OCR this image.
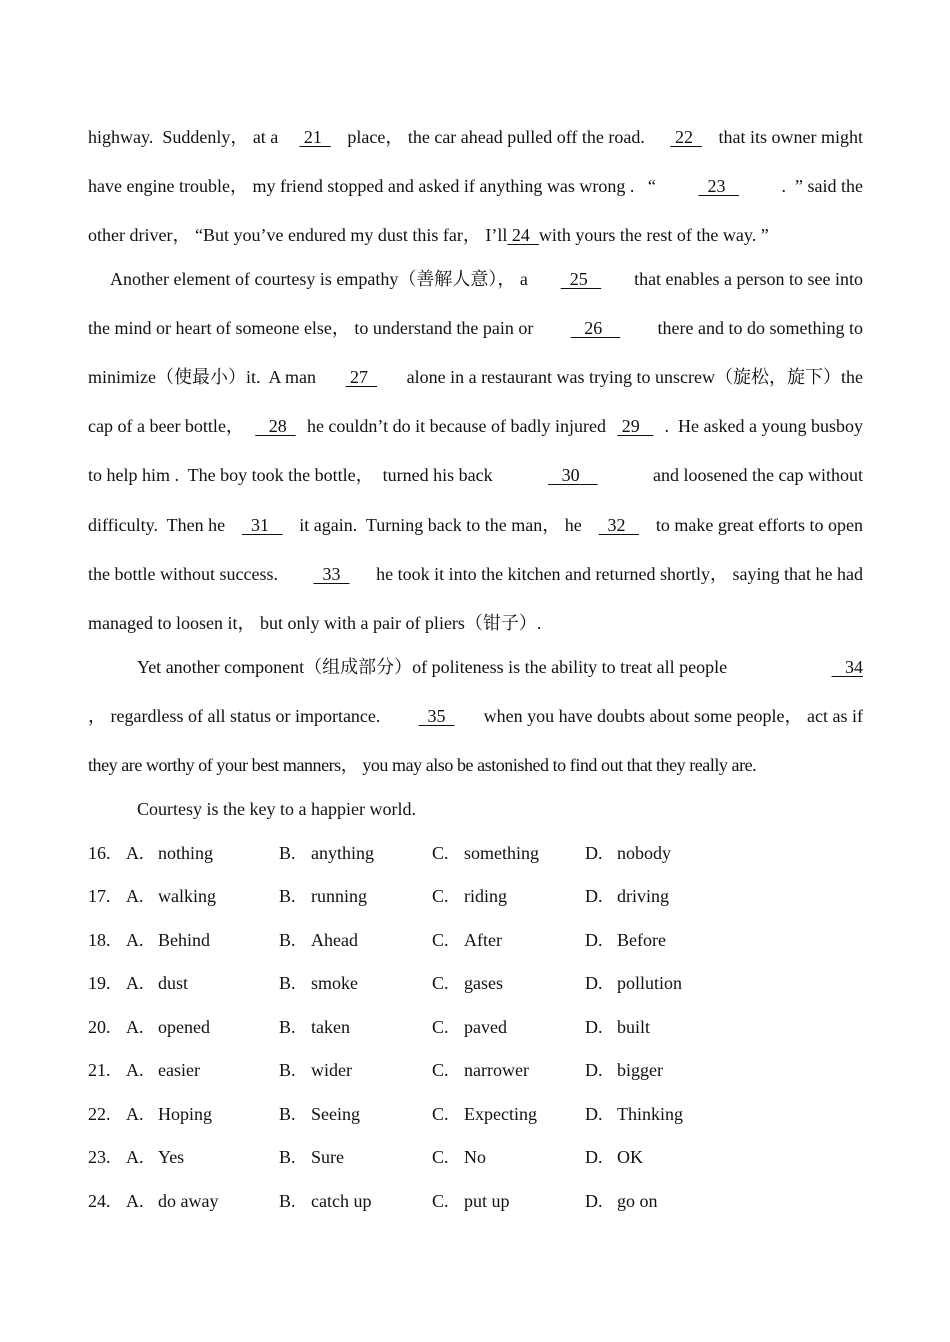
highway.  Suddenly， at a 21 place， the car ahead pulled off the road. 22 that its owner might
have engine trouble， my friend stopped and asked if anything was wrong .   “ 23 .  ” said the
other driver， “But you’ve endured my dust this far， I’ll 24  with yours the rest of the way. ”
Another element of courtesy is empathy（善解人意）， a 25 that enables a person to see into
the mind or heart of someone else， to understand the pain or 26 there and to do something to
minimize（使最小）it.  A man 27 alone in a restaurant was trying to unscrew（旋松，旋下）the
cap of a beer bottle， 28 he couldn’t do it because of badly injured 29 .  He asked a young busboy
to help him .  The boy took the bottle，  turned his back	30	and loosened the cap without
difficulty.  Then he 31 it again.  Turning back to the man， he 32 to make great efforts to open
the bottle without success. 33 he took it into the kitchen and returned shortly， saying that he had
managed to loosen it， but only with a pair of pliers（钳子）.
Yet another component（组成部分）of politeness is the ability to treat all people	34
， regardless of all status or importance. 35 when you have doubts about some people， act as if
they are worthy of your best manners， you may also be astonished to find out that they really are.
Courtesy is the key to a happier world.
16. A. nothing	B. anything	C. something	D. nobody
17. A. walking	B. running	C. riding	D. driving
18. A. Behind	B. Ahead	C. After	D. Before
19. A. dust	B. smoke	C. gases	D. pollution
20. A. opened	B. taken	C. paved	D. built
21. A. easier	B. wider	C. narrower	D. bigger
22. A. Hoping	B. Seeing	C. Expecting	D. Thinking
23. A. Yes	B. Sure	C. No	D. OK
24. A. do away	B. catch up	C. put up	D. go on
